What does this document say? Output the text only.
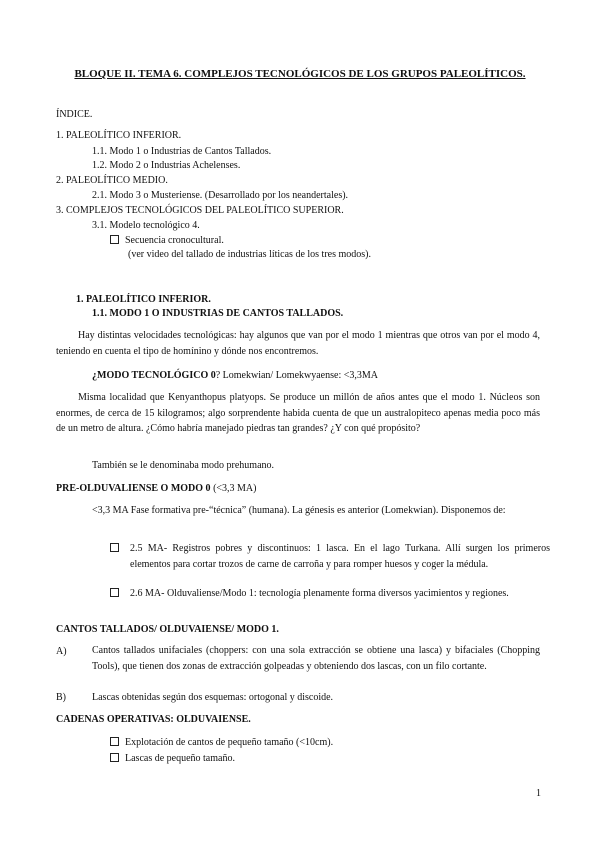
BLOQUE II. TEMA 6. COMPLEJOS TECNOLÓGICOS DE LOS GRUPOS PALEOLÍTICOS.
ÍNDICE.
1. PALEOLÍTICO INFERIOR.
1.1. Modo 1 o Industrias de Cantos Tallados.
1.2. Modo 2 o Industrias Achelenses.
2. PALEOLÍTICO MEDIO.
2.1. Modo 3 o Musteriense. (Desarrollado por los neandertales).
3. COMPLEJOS TECNOLÓGICOS DEL PALEOLÍTICO SUPERIOR.
3.1. Modelo tecnológico 4.
Secuencia cronocultural.
(ver video del tallado de industrias líticas de los tres modos).
1. PALEOLÍTICO INFERIOR.
1.1. MODO 1 O INDUSTRIAS DE CANTOS TALLADOS.
Hay distintas velocidades tecnológicas: hay algunos que van por el modo 1 mientras que otros van por el modo 4, teniendo en cuenta el tipo de homínino y dónde nos encontremos.
¿MODO TECNOLÓGICO 0? Lomekwian/ Lomekwyaense: <3,3MA
Misma localidad que Kenyanthopus platyops. Se produce un millón de años antes que el modo 1. Núcleos son enormes, de cerca de 15 kilogramos; algo sorprendente habida cuenta de que un australopiteco apenas media poco más de un metro de altura. ¿Cómo habría manejado piedras tan grandes? ¿Y con qué propósito?
También se le denominaba modo prehumano.
PRE-OLDUVALIENSE O MODO 0 (<3,3 MA)
<3,3 MA Fase formativa pre-“técnica” (humana). La génesis es anterior (Lomekwian). Disponemos de:
2.5 MA- Registros pobres y discontinuos: 1 lasca. En el lago Turkana. Allí surgen los primeros elementos para cortar trozos de carne de carroña y para romper huesos y coger la médula.
2.6 MA- Olduvaliense/Modo 1: tecnología plenamente forma diversos yacimientos y regiones.
CANTOS TALLADOS/ OLDUVAIENSE/ MODO 1.
A)	Cantos tallados unifaciales (choppers: con una sola extracción se obtiene una lasca) y bifaciales (Chopping Tools), que tienen dos zonas de extracción golpeadas y obteniendo dos lascas, con un filo cortante.
B)	Lascas obtenidas según dos esquemas: ortogonal y discoide.
CADENAS OPERATIVAS: OLDUVAIENSE.
Explotación de cantos de pequeño tamaño (<10cm).
Lascas de pequeño tamaño.
1
